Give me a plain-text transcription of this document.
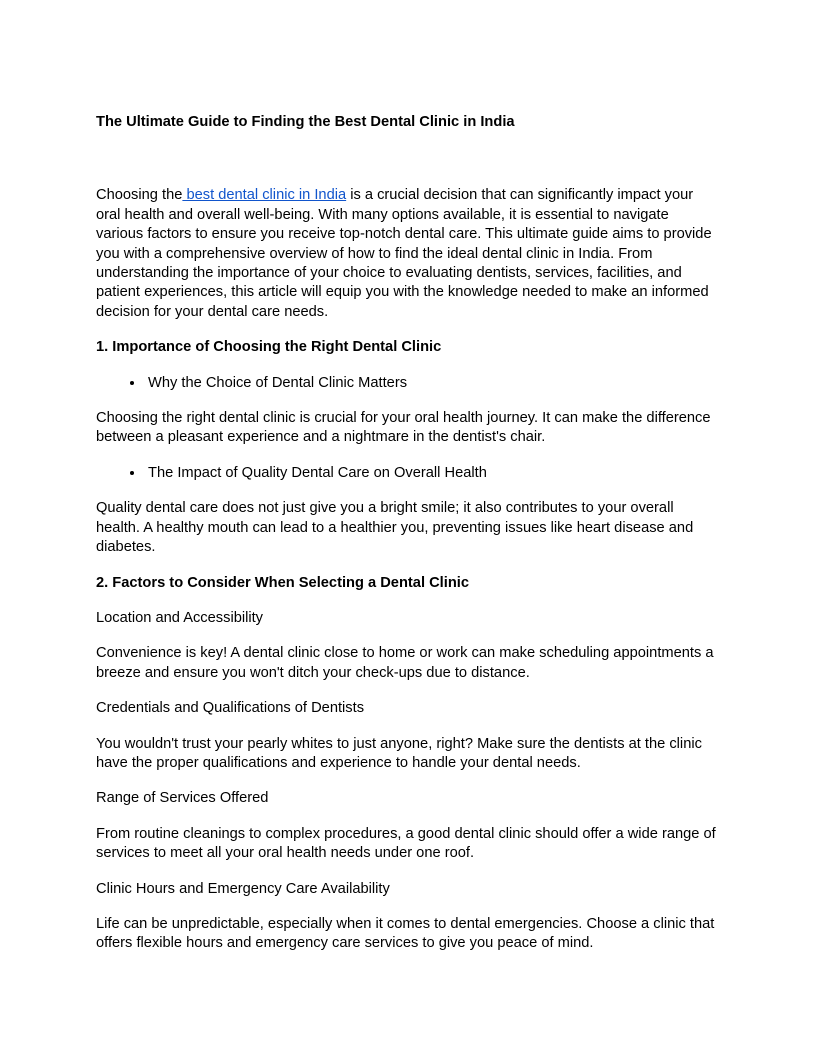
The Ultimate Guide to Finding the Best Dental Clinic in India

Choosing the best dental clinic in India is a crucial decision that can significantly impact your oral health and overall well-being. With many options available, it is essential to navigate various factors to ensure you receive top-notch dental care. This ultimate guide aims to provide you with a comprehensive overview of how to find the ideal dental clinic in India. From understanding the importance of your choice to evaluating dentists, services, facilities, and patient experiences, this article will equip you with the knowledge needed to make an informed decision for your dental care needs.

1. Importance of Choosing the Right Dental Clinic
• Why the Choice of Dental Clinic Matters

Choosing the right dental clinic is crucial for your oral health journey. It can make the difference between a pleasant experience and a nightmare in the dentist's chair.

• The Impact of Quality Dental Care on Overall Health

Quality dental care does not just give you a bright smile; it also contributes to your overall health. A healthy mouth can lead to a healthier you, preventing issues like heart disease and diabetes.

2. Factors to Consider When Selecting a Dental Clinic

Location and Accessibility

Convenience is key! A dental clinic close to home or work can make scheduling appointments a breeze and ensure you won't ditch your check-ups due to distance.

Credentials and Qualifications of Dentists

You wouldn't trust your pearly whites to just anyone, right? Make sure the dentists at the clinic have the proper qualifications and experience to handle your dental needs.

Range of Services Offered

From routine cleanings to complex procedures, a good dental clinic should offer a wide range of services to meet all your oral health needs under one roof.

Clinic Hours and Emergency Care Availability

Life can be unpredictable, especially when it comes to dental emergencies. Choose a clinic that offers flexible hours and emergency care services to give you peace of mind.
